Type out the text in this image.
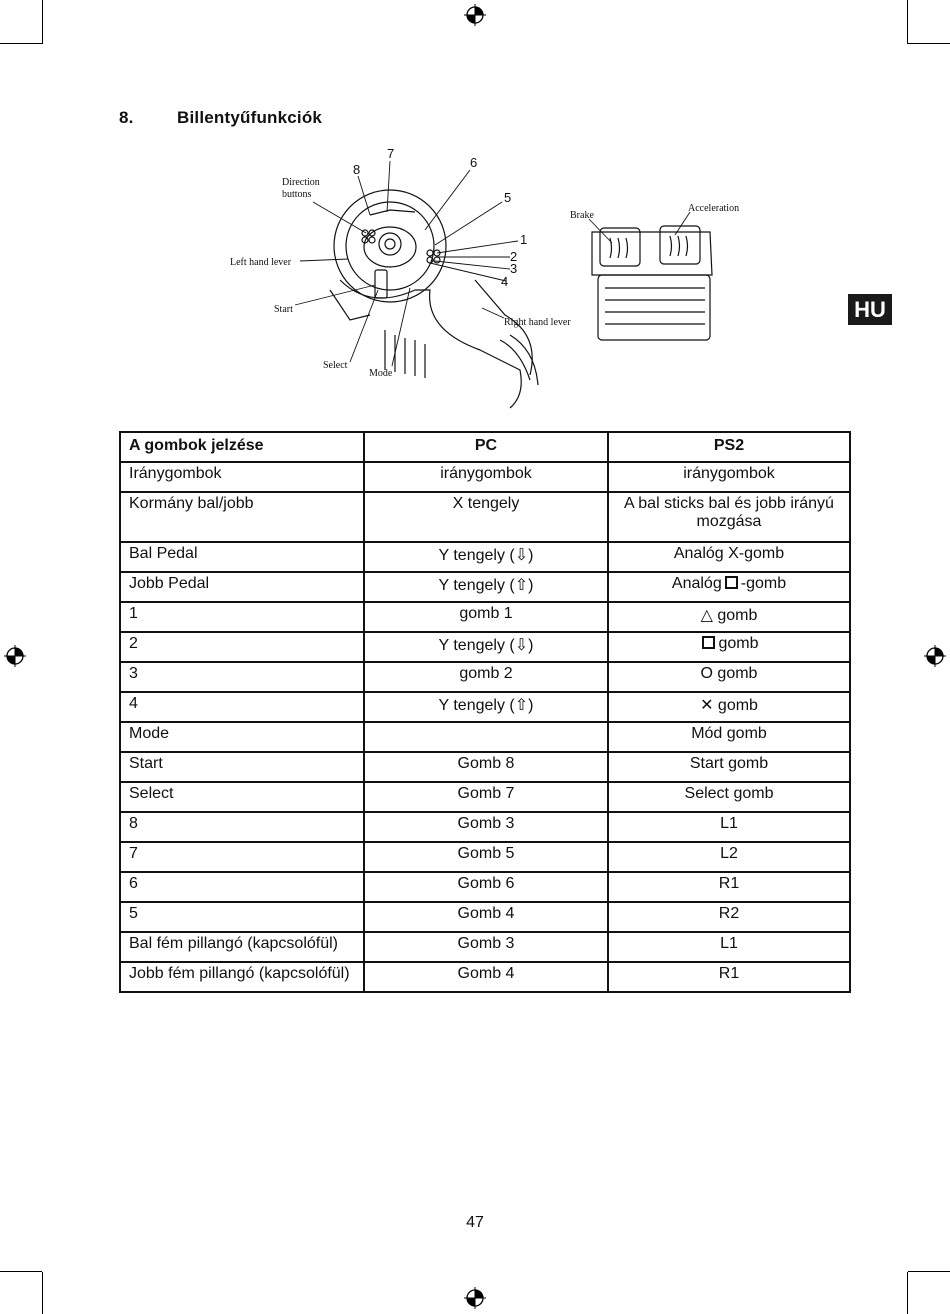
8.	Billentyűfunkciók
Direction
buttons
Left hand lever
Start
Select
Mode
Right hand lever
8
7
6
5
1
2
3
4
Brake
Acceleration
HU
A gombok jelzése	PC	PS2
Iránygombok	iránygombok	iránygombok
Kormány bal/jobb	X tengely	A bal sticks bal és jobb irányú mozgása
Bal Pedal	Y tengely (⇩)	Analóg X-gomb
Jobb Pedal	Y tengely (⇧)	Analóg -gomb
1	gomb 1	△ gomb
2	Y tengely (⇩)	gomb
3	gomb 2	O gomb
4	Y tengely (⇧)	✕ gomb
Mode		Mód gomb
Start	Gomb 8	Start gomb
Select	Gomb 7	Select gomb
8	Gomb 3	L1
7	Gomb 5	L2
6	Gomb 6	R1
5	Gomb 4	R2
Bal fém pillangó (kapcsolófül)	Gomb 3	L1
Jobb fém pillangó (kapcsolófül)	Gomb 4	R1
47
